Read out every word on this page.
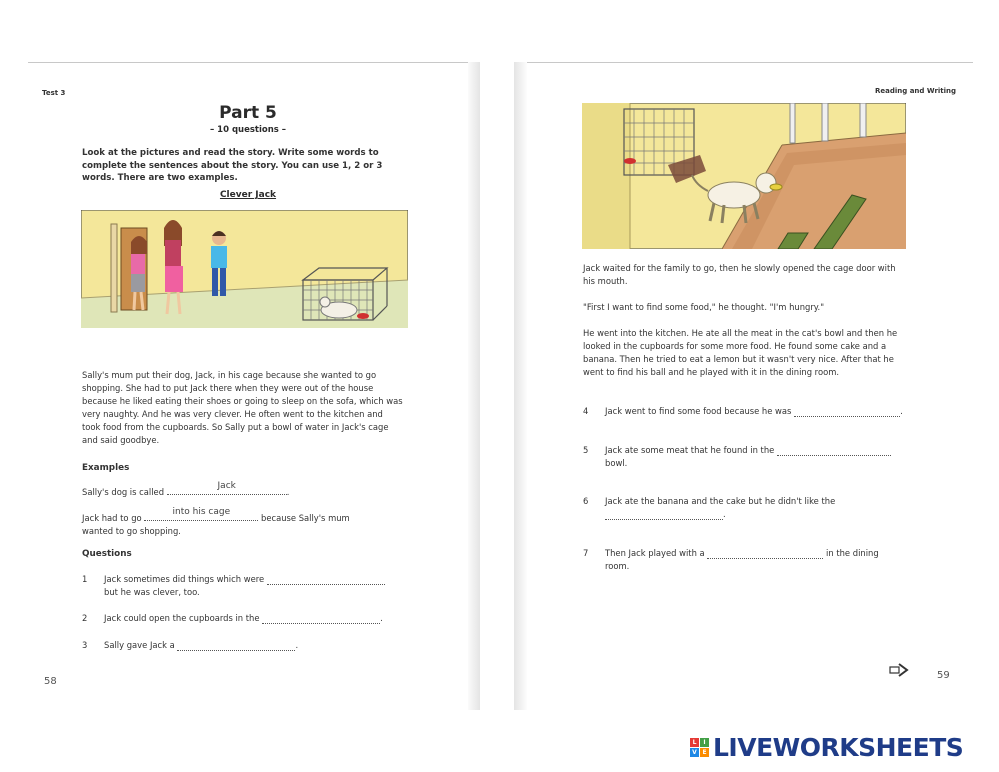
Test 3
Part 5
– 10 questions –
Look at the pictures and read the story. Write some words to complete the sentences about the story. You can use 1, 2 or 3 words. There are two examples.
Clever Jack
Sally's mum put their dog, Jack, in his cage because she wanted to go
shopping. She had to put Jack there when they were out of the house
because he liked eating their shoes or going to sleep on the sofa, which was
very naughty. And he was very clever. He often went to the kitchen and
took food from the cupboards. So Sally put a bowl of water in Jack's cage
and said goodbye.
Examples
Sally's dog is called
Jack
.
Jack had to go
into his cage
because Sally's mum
wanted to go shopping.
Questions
1 Jack sometimes did things which were
but he was clever, too.
2 Jack could open the cupboards in the	.
3 Sally gave Jack a	.
58
Reading and Writing
Jack waited for the family to go, then he slowly opened the cage door with
his mouth.
"First I want to find some food," he thought. "I'm hungry."
He went into the kitchen. He ate all the meat in the cat's bowl and then he
looked in the cupboards for some more food. He found some cake and a
banana. Then he tried to eat a lemon but it wasn't very nice. After that he
went to find his ball and he played with it in the dining room.
4 Jack went to find some food because he was	.
5 Jack ate some meat that he found in the
bowl.
6 Jack ate the banana and the cake but he didn't like the
.
7 Then Jack played with a	in the dining
room.
59
L	I
V E LIVEWORKSHEETS
